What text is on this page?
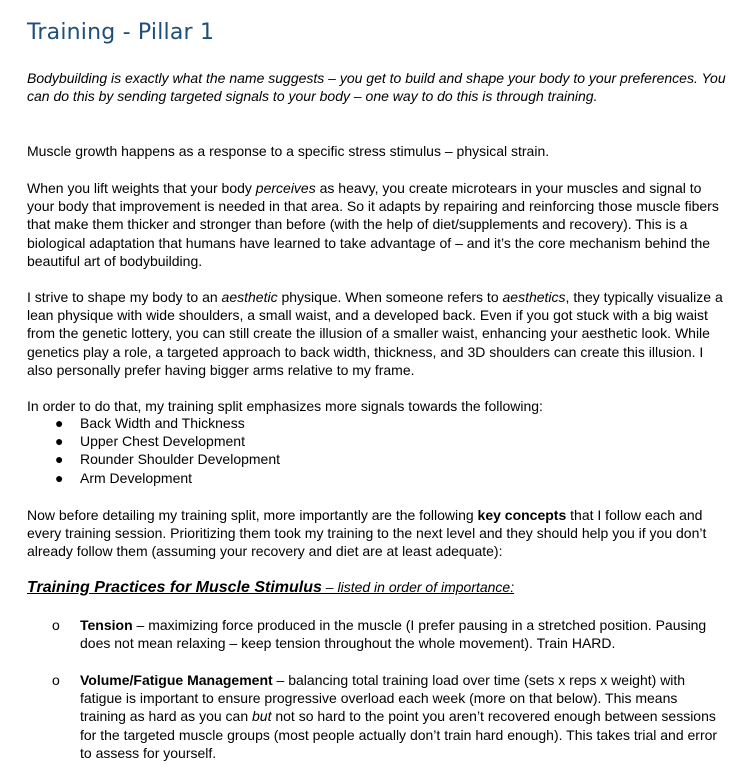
Training - Pillar 1

Bodybuilding is exactly what the name suggests – you get to build and shape your body to your preferences. You can do this by sending targeted signals to your body – one way to do this is through training.

Muscle growth happens as a response to a specific stress stimulus – physical strain.

When you lift weights that your body perceives as heavy, you create microtears in your muscles and signal to your body that improvement is needed in that area. So it adapts by repairing and reinforcing those muscle fibers that make them thicker and stronger than before (with the help of diet/supplements and recovery). This is a biological adaptation that humans have learned to take advantage of – and it’s the core mechanism behind the beautiful art of bodybuilding.

I strive to shape my body to an aesthetic physique. When someone refers to aesthetics, they typically visualize a lean physique with wide shoulders, a small waist, and a developed back. Even if you got stuck with a big waist from the genetic lottery, you can still create the illusion of a smaller waist, enhancing your aesthetic look. While genetics play a role, a targeted approach to back width, thickness, and 3D shoulders can create this illusion. I also personally prefer having bigger arms relative to my frame.

In order to do that, my training split emphasizes more signals towards the following:

● Back Width and Thickness
● Upper Chest Development
● Rounder Shoulder Development
● Arm Development

Now before detailing my training split, more importantly are the following key concepts that I follow each and every training session. Prioritizing them took my training to the next level and they should help you if you don’t already follow them (assuming your recovery and diet are at least adequate):

Training Practices for Muscle Stimulus – listed in order of importance:
o Tension – maximizing force produced in the muscle (I prefer pausing in a stretched position. Pausing does not mean relaxing – keep tension throughout the whole movement). Train HARD.

o Volume/Fatigue Management – balancing total training load over time (sets x reps x weight) with fatigue is important to ensure progressive overload each week (more on that below). This means training as hard as you can but not so hard to the point you aren’t recovered enough between sessions for the targeted muscle groups (most people actually don’t train hard enough). This takes trial and error to assess for yourself.
